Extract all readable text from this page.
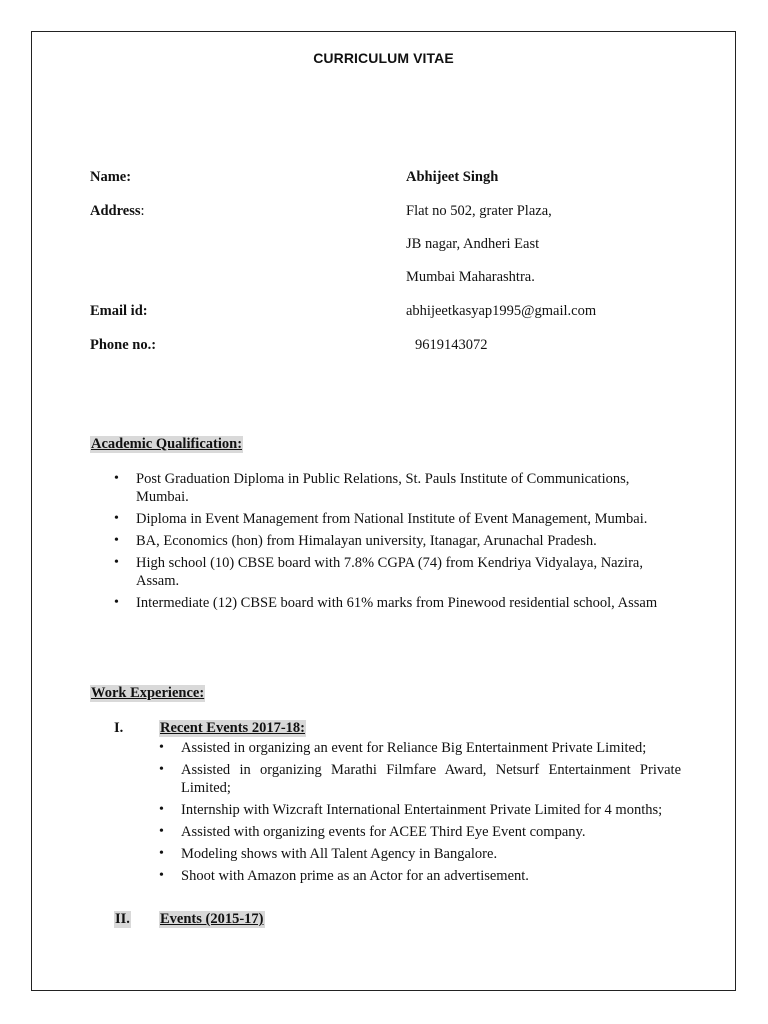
CURRICULUM VITAE
Name:	Abhijeet Singh
Address:	Flat no 502, grater Plaza,
JB nagar, Andheri East
Mumbai Maharashtra.
Email id:	abhijeetkasyap1995@gmail.com
Phone no.:	9619143072
Academic Qualification:
• Post Graduation Diploma in Public Relations, St. Pauls Institute of Communications, Mumbai.
• Diploma in Event Management from National Institute of Event Management, Mumbai.
• BA, Economics (hon) from Himalayan university, Itanagar, Arunachal Pradesh.
• High school (10) CBSE board with 7.8% CGPA (74) from Kendriya Vidyalaya, Nazira, Assam.
• Intermediate (12) CBSE board with 61% marks from Pinewood residential school, Assam
Work Experience:
I.	Recent Events 2017-18:
• Assisted in organizing an event for Reliance Big Entertainment Private Limited;
• Assisted in organizing Marathi Filmfare Award, Netsurf Entertainment Private Limited;
• Internship with Wizcraft International Entertainment Private Limited for 4 months;
• Assisted with organizing events for ACEE Third Eye Event company.
• Modeling shows with All Talent Agency in Bangalore.
• Shoot with Amazon prime as an Actor for an advertisement.
II. Events (2015-17)
